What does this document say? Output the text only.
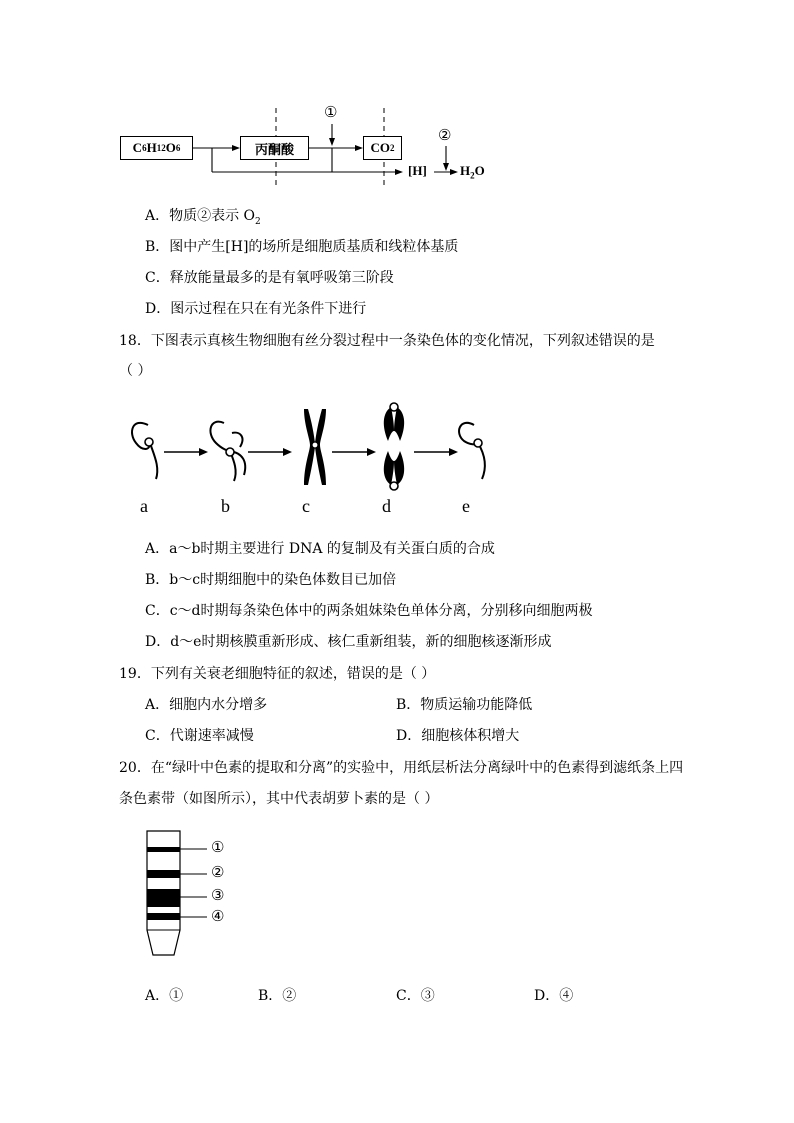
C 6 H 12 O 6	丙酮酸	CO 2
①
②
[H]	$H_2O$
A．物质②表示 $O_2$
B．图中产生[H]的场所是细胞质基质和线粒体基质
C．释放能量最多的是有氧呼吸第三阶段
D．图示过程在只在有光条件下进行
18．下图表示真核生物细胞有丝分裂过程中一条染色体的变化情况，下列叙述错误的是
（ ）
a	b	c	d	e
A．a～b时期主要进行 DNA 的复制及有关蛋白质的合成
B．b～c时期细胞中的染色体数目已加倍
C．c～d时期每条染色体中的两条姐妹染色单体分离，分别移向细胞两极
D．d～e时期核膜重新形成、核仁重新组装，新的细胞核逐渐形成
19．下列有关衰老细胞特征的叙述，错误的是（ ）
A．细胞内水分增多	B．物质运输功能降低
C．代谢速率减慢	D．细胞核体积增大
20．在“绿叶中色素的提取和分离”的实验中，用纸层析法分离绿叶中的色素得到滤纸条上四
条色素带（如图所示），其中代表胡萝卜素的是（ ）
①
②
③
④
A．①	B．②	C．③	D．④
